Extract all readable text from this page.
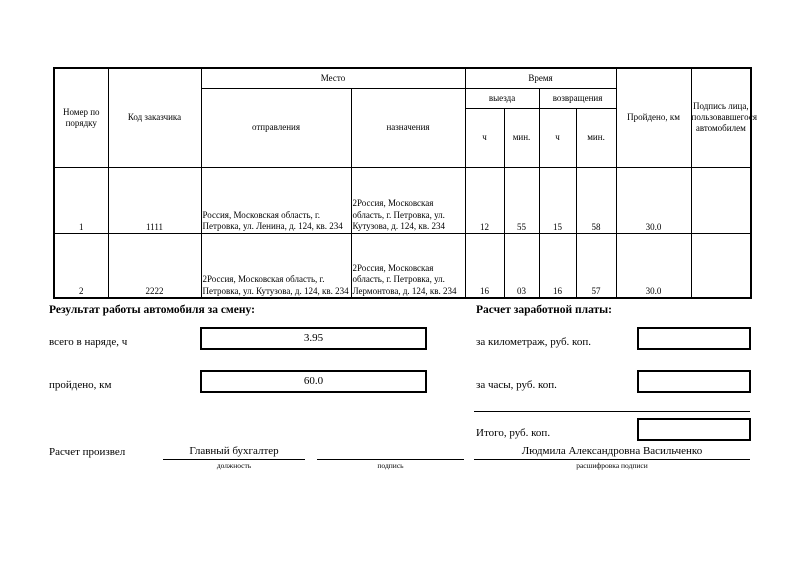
Номер по порядку	Код заказчика	Место		Время				Пройдено, км	Подпись лица, пользовавшегося автомобилем
		отправления	назначения	выезда		возвращения			
				ч	мин.	ч	мин.		
1	1111	Россия, Московская область, г. Петровка, ул. Ленина, д. 124, кв. 234	2Россия, Московская область, г. Петровка, ул. Кутузова, д. 124, кв. 234	12	55	15	58	30.0	
2	2222	2Россия, Московская область, г. Петровка, ул. Кутузова, д. 124, кв. 234	2Россия, Московская область, г. Петровка, ул. Лермонтова, д. 124, кв. 234	16	03	16	57	30.0	
Результат работы автомобиля за смену:
всего в наряде, ч	3.95
пройдено, км	60.0
Расчет заработной платы:
за километраж, руб. коп.
за часы, руб. коп.
Итого, руб. коп.
Расчет произвел	Главный бухгалтер
должность	подпись
Людмила Александровна Васильченко
расшифровка подписи
